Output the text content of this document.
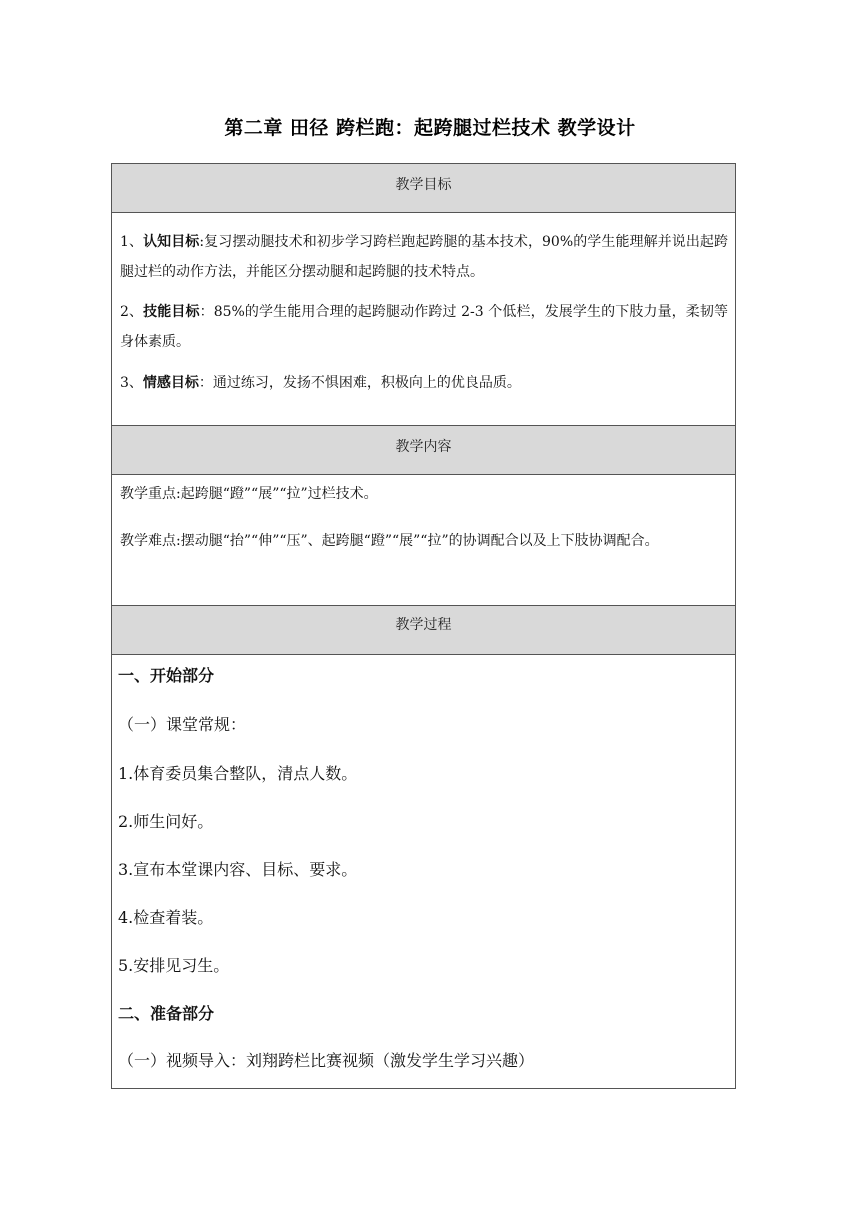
第二章 田径 跨栏跑：起跨腿过栏技术 教学设计
教学目标
1、认知目标:复习摆动腿技术和初步学习跨栏跑起跨腿的基本技术，90%的学生能理解并说出起跨腿过栏的动作方法，并能区分摆动腿和起跨腿的技术特点。
2、技能目标：85%的学生能用合理的起跨腿动作跨过 2-3 个低栏，发展学生的下肢力量，柔韧等身体素质。
3、情感目标：通过练习，发扬不惧困难，积极向上的优良品质。
教学内容
教学重点:起跨腿“蹬”“展”“拉”过栏技术。
教学难点:摆动腿“抬”“伸”“压”、起跨腿“蹬”“展”“拉”的协调配合以及上下肢协调配合。
教学过程
一、开始部分
（一）课堂常规：
1.体育委员集合整队，清点人数。
2.师生问好。
3.宣布本堂课内容、目标、要求。
4.检查着装。
5.安排见习生。
二、准备部分
（一）视频导入：刘翔跨栏比赛视频（激发学生学习兴趣）
